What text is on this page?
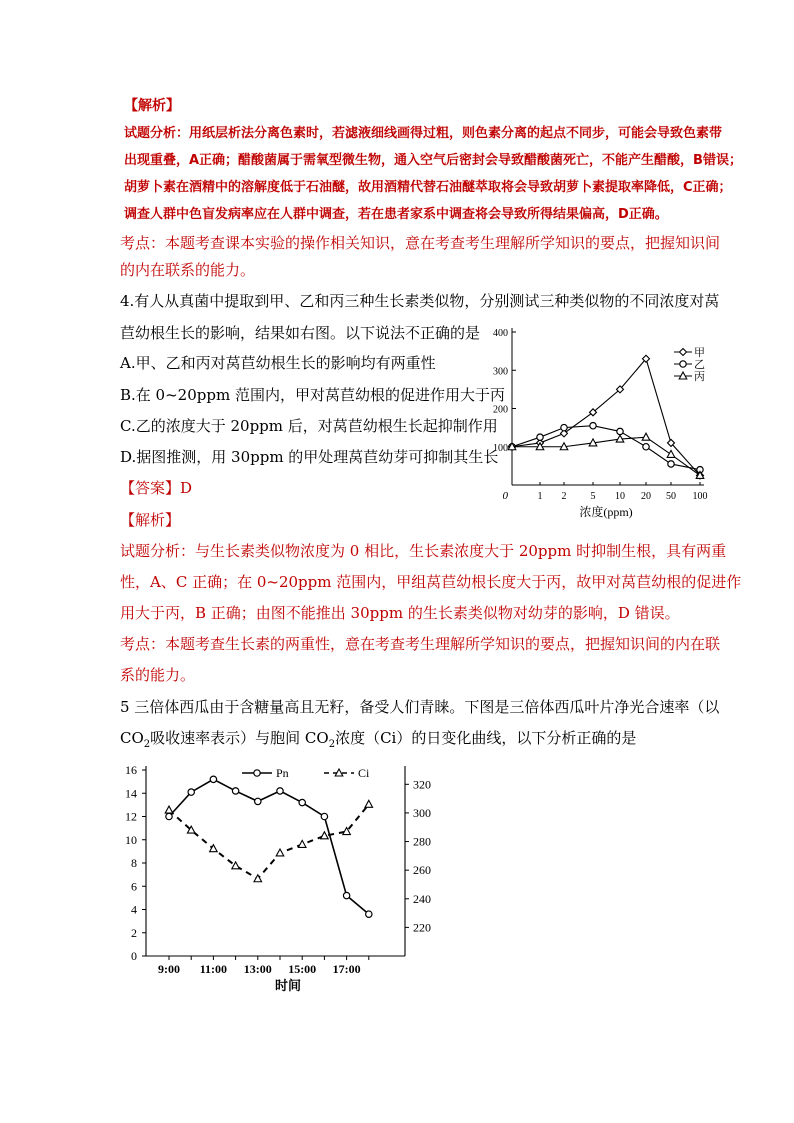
【解析】
试题分析：用纸层析法分离色素时，若滤液细线画得过粗，则色素分离的起点不同步，可能会导致色素带
出现重叠，A正确；醋酸菌属于需氧型微生物，通入空气后密封会导致醋酸菌死亡，不能产生醋酸，B错误；
胡萝卜素在酒精中的溶解度低于石油醚，故用酒精代替石油醚萃取将会导致胡萝卜素提取率降低，C正确；
调查人群中色盲发病率应在人群中调查，若在患者家系中调查将会导致所得结果偏高，D正确。
考点：本题考查课本实验的操作相关知识，意在考查考生理解所学知识的要点，把握知识间
的内在联系的能力。
4.有人从真菌中提取到甲、乙和丙三种生长素类似物，分别测试三种类似物的不同浓度对莴
苣幼根生长的影响，结果如右图。以下说法不正确的是
A.甲、乙和丙对莴苣幼根生长的影响均有两重性
B.在 0~20ppm 范围内，甲对莴苣幼根的促进作用大于丙
C.乙的浓度大于 20ppm 后，对莴苣幼根生长起抑制作用
D.据图推测，用 30ppm 的甲处理莴苣幼芽可抑制其生长
【答案】D
【解析】
试题分析：与生长素类似物浓度为 0 相比，生长素浓度大于 20ppm 时抑制生根，具有两重
性，A、C 正确；在 0~20ppm 范围内，甲组莴苣幼根长度大于丙，故甲对莴苣幼根的促进作
用大于丙，B 正确；由图不能推出 30ppm 的生长素类似物对幼芽的影响，D 错误。
考点：本题考查生长素的两重性，意在考查考生理解所学知识的要点，把握知识间的内在联
系的能力。
5 三倍体西瓜由于含糖量高且无籽，备受人们青睐。下图是三倍体西瓜叶片净光合速率（以
$CO_2$吸收速率表示）与胞间 $CO_2$浓度（Ci）的日变化曲线，以下分析正确的是
100
200
300
400
0	1 2 5 10 20 50 100
浓度(ppm)
甲
乙
丙
0
2
4
6
8
10
12
14
16
220
240
260
280
300
320
9:00 11:00 13:00 15:00 17:00
时间
Pn	Ci
